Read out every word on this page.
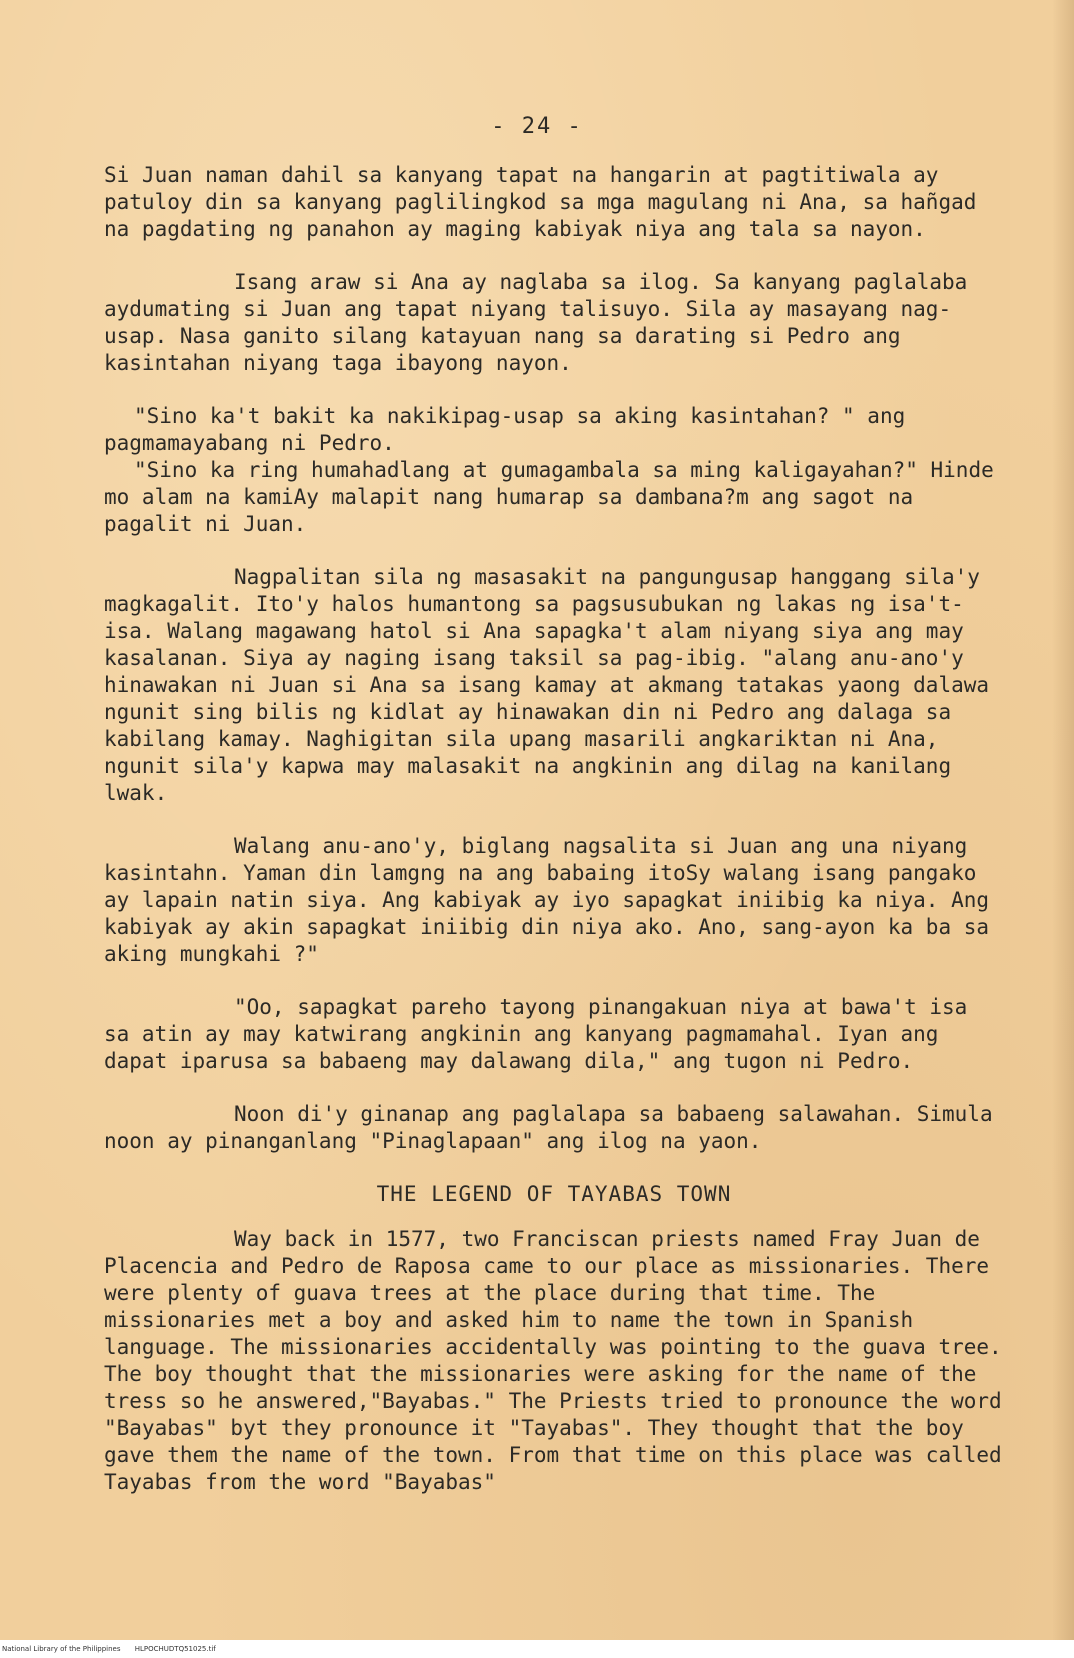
- 24 -

Si Juan naman dahil sa kanyang tapat na hangarin at pagtitiwala ay patuloy din sa kanyang paglilingkod sa mga magulang ni Ana, sa hañgad na pagdating ng panahon ay maging kabiyak niya ang tala sa nayon.

Isang araw si Ana ay naglaba sa ilog. Sa kanyang paglalaba aydumating si Juan ang tapat niyang talisuyo. Sila ay masayang nag-usap. Nasa ganito silang katayuan nang sa darating si Pedro ang kasintahan niyang taga ibayong nayon.

"Sino ka't bakit ka nakikipag-usap sa aking kasintahan? " ang pagmamayabang ni Pedro.

"Sino ka ring humahadlang at gumagambala sa ming kaligayahan?" Hinde mo alam na kamiAy malapit nang humarap sa dambana?m ang sagot na pagalit ni Juan.

Nagpalitan sila ng masasakit na pangungusap hanggang sila'y magkagalit. Ito'y halos humantong sa pagsusubukan ng lakas ng isa't-isa. Walang magawang hatol si Ana sapagka't alam niyang siya ang may kasalanan. Siya ay naging isang taksil sa pag-ibig. "alang anu-ano'y hinawakan ni Juan si Ana sa isang kamay at akmang tatakas yaong dalawa ngunit sing bilis ng kidlat ay hinawakan din ni Pedro ang dalaga sa kabilang kamay. Naghigitan sila upang masarili angkariktan ni Ana, ngunit sila'y kapwa may malasakit na angkinin ang dilag na kanilang lwak.

Walang anu-ano'y, biglang nagsalita si Juan ang una niyang kasintahn. Yaman din lamgng na ang babaing itoSy walang isang pangako ay lapain natin siya. Ang kabiyak ay iyo sapagkat iniibig ka niya. Ang kabiyak ay akin sapagkat iniibig din niya ako. Ano, sang-ayon ka ba sa aking mungkahi ?"

"Oo, sapagkat pareho tayong pinangakuan niya at bawa't isa sa atin ay may katwirang angkinin ang kanyang pagmamahal. Iyan ang dapat iparusa sa babaeng may dalawang dila," ang tugon ni Pedro.

Noon di'y ginanap ang paglalapa sa babaeng salawahan. Simula noon ay pinanganlang "Pinaglapaan" ang ilog na yaon.

THE LEGEND OF TAYABAS TOWN

Way back in 1577, two Franciscan priests named Fray Juan de Placencia and Pedro de Raposa came to our place as missionaries. There were plenty of guava trees at the place during that time. The missionaries met a boy and asked him to name the town in Spanish language. The missionaries accidentally was pointing to the guava tree. The boy thought that the missionaries were asking for the name of the tress so he answered,"Bayabas." The Priests tried to pronounce the word "Bayabas" byt they pronounce it "Tayabas". They thought that the boy gave them the name of the town. From that time on this place was called Tayabas from the word "Bayabas"

National Library of the Philippines HLPOCHUDTQ51025.tif
